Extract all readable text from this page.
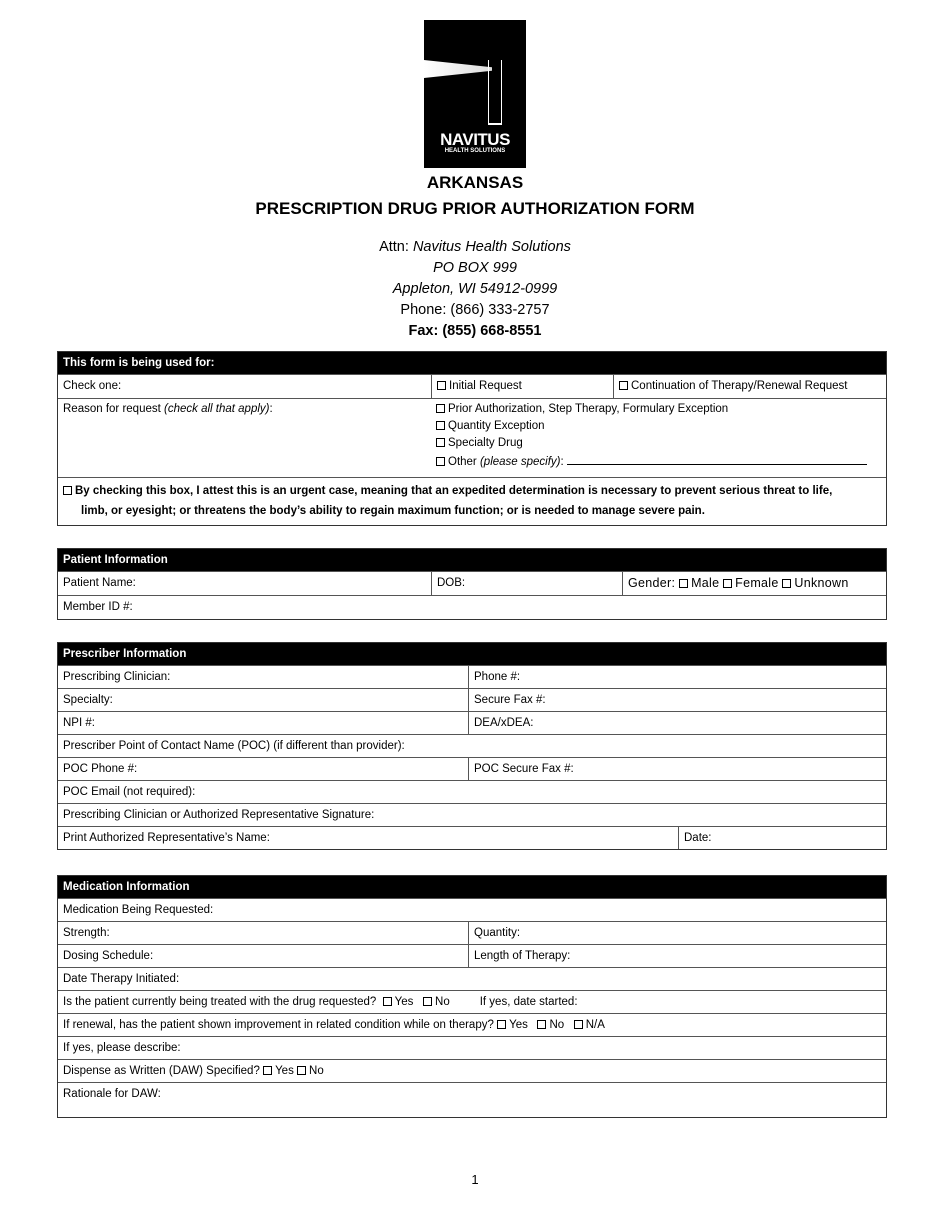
NAVITUS
HEALTH SOLUTIONS
ARKANSAS
PRESCRIPTION DRUG PRIOR AUTHORIZATION FORM
Attn: Navitus Health Solutions
PO BOX 999
Appleton, WI 54912-0999
Phone: (866) 333-2757
Fax: (855) 668-8551
This form is being used for:
Check one:	Initial Request	Continuation of Therapy/Renewal Request
Reason for request (check all that apply):	Prior Authorization, Step Therapy, Formulary Exception
Quantity Exception
Specialty Drug
Other (please specify):
By checking this box, I attest this is an urgent case, meaning that an expedited determination is necessary to prevent serious threat to life,
limb, or eyesight; or threatens the body’s ability to regain maximum function; or is needed to manage severe pain.
Patient Information
Patient Name:	DOB:	Gender: Male Female Unknown
Member ID #:
Prescriber Information
Prescribing Clinician:	Phone #:
Specialty:	Secure Fax #:
NPI #:	DEA/xDEA:
Prescriber Point of Contact Name (POC) (if different than provider):
POC Phone #:	POC Secure Fax #:
POC Email (not required):
Prescribing Clinician or Authorized Representative Signature:
Print Authorized Representative’s Name:	Date:
Medication Information
Medication Being Requested:
Strength:	Quantity:
Dosing Schedule:	Length of Therapy:
Date Therapy Initiated:
Is the patient currently being treated with the drug requested? Yes No	If yes, date started:
If renewal, has the patient shown improvement in related condition while on therapy? Yes No N/A
If yes, please describe:
Dispense as Written (DAW) Specified? Yes No
Rationale for DAW:
1
